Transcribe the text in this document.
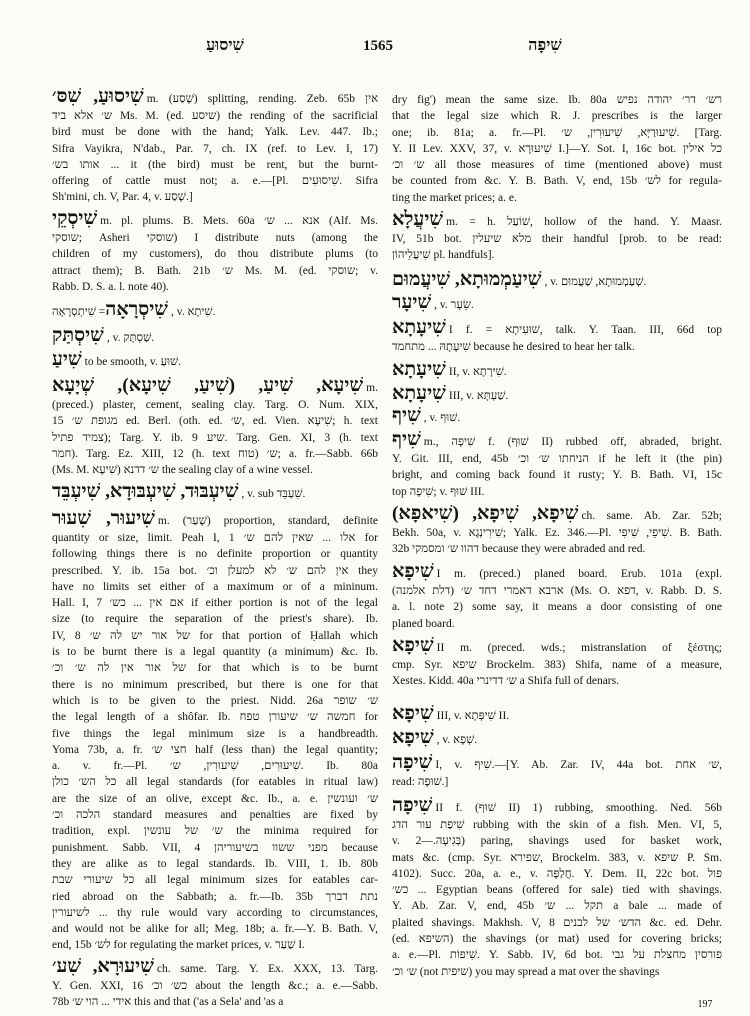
שִׁיסוּעַ	1565	שִׁיפָה
שִׁיסוּעַ, שִׁסּ׳ m. (שָׁסַע) splitting, rending. Zeb. 65b אין
ש׳ אלא ביד Ms. M. (ed. שיסע) the rending of the sacrificial
bird must be done with the hand; Yalk. Lev. 447. Ib.;
Sifra Vayikra, N'dab., Par. 7, ch. IX (ref. to Lev. I, 17)
אותו בש׳ ... it (the bird) must be rent, but the burnt-
offering of cattle must not; a. e.—[Pl. שִׁיסוּעִים. Sifra
Sh'mini, ch. V, Par. 4, v. שָׁסַע.]
שִׁיסְקֵי m. pl. plums. B. Mets. 60a אנא ... ש׳ (Alf. Ms.
שוסקי; Asheri שוסקי) I distribute nuts (among the
children of my customers), do thou distribute plums (to
attract them); B. Bath. 21b ש׳ Ms. M. (ed. שוסקי; v.
Rabb. D. S. a. l. note 40).
שִׁיסְרָאָה= שִׁיתְסְרָאָה, v. שִׁיתָא.
שִׁיסְתַּק , v. שַׁסְתָּק.
שִׁיעַ to be smooth, v. שׁוּעַ.
שִׁיעָא, שִׁיעַ, (שִׁיעַ, שִׁיעָא), שְׁיָעָא m.
(preced.) plaster, cement, sealing clay. Targ. O. Num. XIX,
15 מגופת ש׳ ed. Berl. (oth. ed. ש׳, ed. Vien. שִׁיעָא; h. text
צמיד פתיל); Targ. Y. ib. 9 שיע. Targ. Gen. XI, 3 (h. text
חמר). Targ. Ez. XIII, 12 (h. text טוח) ש׳; a. fr.—Sabb. 66b
(Ms. M. שִׁיעָא) ש׳ דדנא the sealing clay of a wine vessel.
שִׁיעְבּוּד, שִׁיעְבּוּדָא, שִׁיעְבֵּד , v. sub שִׁעְבֵּד.
שִׁיעוּר, שִׁעוּר m. (שָׁעַר) proportion, standard, definite
quantity or size, limit. Peah I, 1 אלו ... שאין להם ש׳ for
following things there is no definite proportion or quantity
prescribed. Y. ib. 15a bot. אין להם ש׳ לא למעלן וכ׳ they
have no limits set either of a maximum or of a mininum.
Hall. I, 7 אם אין ... כש׳ if either portion is not of the legal
size (to require the separation of the priest's share). Ib.
IV, 8 של אור יש לה ש׳ for that portion of Ḥallah which
is to be burnt there is a legal quantity (a minimum) &c. Ib.
של אור אין לה ש׳ וכ׳ for that which is to be burnt
there is no minimum prescribed, but there is one for that
which is to be given to the priest. Nidd. 26a ש׳ שופר
the legal length of a shôfar. Ib. חמשה ש׳ שיעורן טפח for
five things the legal minimum size is a handbreadth.
Yoma 73b, a. fr. חצי ש׳ half (less than) the legal quantity;
a. v. fr.—Pl. שִׁיעוּרִים, שִׁיעוּרִין, ש׳. Ib. 80a
כל הש׳ כולן all legal standards (for eatables in ritual law)
are the size of an olive, except &c. Ib., a. e. ש׳ ועונשין
הלכה וכ׳ standard measures and penalties are fixed by
tradition, expl. ש׳ של עונשין the minima required for
punishment. Sabb. VII, 4 מפני ששוו בשיעוריהן because
they are alike as to legal standards. Ib. VIII, 1. Ib. 80b
כל שיעורי שבת all legal minimum sizes for eatables car-
ried abroad on the Sabbath; a. fr.—Ib. 35b נתת דברך
לשיעורין ... thy rule would vary according to circumstances,
and would not be alike for all; Meg. 18b; a. fr.—Y. B. Bath. V,
end, 15b לש׳ for regulating the market prices, v. שַׁעַר I.
שִׁיעוּרָא, שִׁע׳ ch. same. Targ. Y. Ex. XXX, 13. Targ.
Y. Gen. XXI, 16 כש׳ וכ׳ about the length &c.; a. e.—Sabb.
78b אידי ... הוי ש׳ this and that ('as a Sela' and 'as a
dry fig') mean the same size. Ib. 80a רש׳ דר׳ יהודה נפיש
that the legal size which R. J. prescribes is the larger
one; ib. 81a; a. fr.—Pl. שִׁיעוּרַיָּא, שִׁיעוּרִין, ש׳. [Targ.
Y. II Lev. XXV, 37, v. שִׁיעוּרָא I.]—Y. Sot. I, 16c bot. כל אילין
ש׳ וכ׳ all those measures of time (mentioned above) must
be counted from &c. Y. B. Bath. V, end, 15b לש׳ for regula-
ting the market prices; a. e.
שִׁיעֲלָא m. = h. שׁוֹעַל, hollow of the hand. Y. Maasr.
IV, 51b bot. מלא שיעלין their handful [prob. to be read:
שִׁיעֲלֵיהוֹן pl. handfuls].
שִׁיעַמְמוּתָא, שִׁיעֲמוּם , v. שְׁעַמְמוּתָא, שַׁעֲמוּם.
שִׁיעָר , v. שֵׂעָר.
שִׁיעָתָא I f. = שׁוּעִיתָא, talk. Y. Taan. III, 66d top
שִׁיעָתָהּ ... מתחמד because he desired to hear her talk.
שִׁיעָתָא II, v. שִׁירָתָא.
שִׁיעָתָא III, v. שַׁעְתָּא.
שִׁיף , v. שׁוּף.
שִׁיף m., שִׁיפָה f. (שׁוּף II) rubbed off, abraded, bright.
Y. Git. III, end, 45b הניחתו ש׳ וכ׳ if he left it (the pin)
bright, and coming back found it rusty; Y. B. Bath. VI, 15c
top שִׁיפָה; v. שׁוּף III.
שִׁיפָא, שִׁיפָא, (שִׁיאפָא) ch. same. Ab. Zar. 52b;
Bekh. 50a, v. שִׁירִינְגָא; Yalk. Ez. 346.—Pl. שִׁיפֵי, שִׁיפִי. B. Bath.
32b דהוו ש׳ ומסמקי because they were abraded and red.
שִׁיפָא I m. (preced.) planed board. Erub. 101a (expl.
(דלת אלמנה) ארבא דאמרי דחד ש׳ (Ms. O. דפא, v. Rabb. D. S.
a. l. note 2) some say, it means a door consisting of one
planed board.
שִׁיפָא II m. (preced. wds.; mistranslation of ξέστης;
cmp. Syr. שיפא Brockelm. 383) Shifa, name of a measure,
Xestes. Kidd. 40a ש׳ דדינרי a Shifa full of denars.
שִׁיפָא III, v. שִׁיפְּתָא II.
שִׁיפָא , v. שְׁפָא.
שִׁיפָה I, v. שִׁיף.—[Y. Ab. Zar. IV, 44a bot. ש׳ אחת,
read: שׁוּפָה.]
שִׁיפָה II f. (שׁוּף II) 1) rubbing, smoothing. Ned. 56b
שִׁיפַת עור הדג rubbing with the skin of a fish. Men. VI, 5,
v. בְּגִיעָה.—2) paring, shavings used for basket work,
mats &c. (cmp. Syr. שפירא, Brockelm. 383, v. שיפא P. Sm.
4102). Succ. 20a, a. e., v. חֲלַפָּה. Y. Dem. II, 22c bot. פול
כש׳ ... Egyptian beans (offered for sale) tied with shavings.
Y. Ab. Zar. V, end, 45b תקל ... ש׳ a bale ... made of
plaited shavings. Makhsh. V, 8 הדש׳ של לבנים &c. ed. Dehr.
(ed. השיפא) the shavings (or mat) used for covering bricks;
a. e.—Pl. שִׁיפוֹת. Y. Sabb. IV, 6d bot. פורסין מחצלת על גבי
ש׳ וכ׳ (not שיפית) you may spread a mat over the shavings
197
